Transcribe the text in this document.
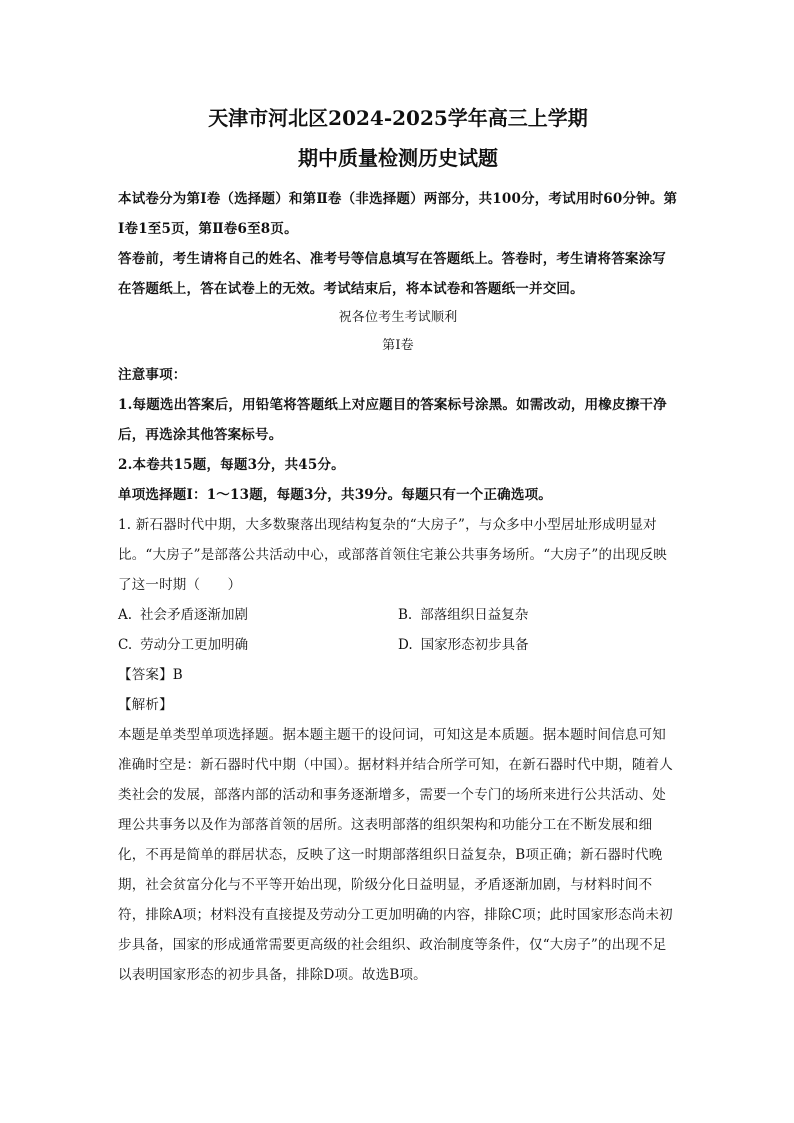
天津市河北区2024-2025学年高三上学期
期中质量检测历史试题

本试卷分为第Ⅰ卷（选择题）和第Ⅱ卷（非选择题）两部分，共100分，考试用时60分钟。第Ⅰ卷1至5页，第Ⅱ卷6至8页。

答卷前，考生请将自己的姓名、准考号等信息填写在答题纸上。答卷时，考生请将答案涂写在答题纸上，答在试卷上的无效。考试结束后，将本试卷和答题纸一并交回。

祝各位考生考试顺利

第Ⅰ卷

注意事项：

1.每题选出答案后，用铅笔将答题纸上对应题目的答案标号涂黑。如需改动，用橡皮擦干净后，再选涂其他答案标号。

2.本卷共15题，每题3分，共45分。

单项选择题Ⅰ：1～13题，每题3分，共39分。每题只有一个正确选项。

1. 新石器时代中期，大多数聚落出现结构复杂的“大房子”，与众多中小型居址形成明显对比。“大房子”是部落公共活动中心，或部落首领住宅兼公共事务场所。“大房子”的出现反映了这一时期（　　）

A. 社会矛盾逐渐加剧	B. 部落组织日益复杂
C. 劳动分工更加明确	D. 国家形态初步具备

【答案】B

【解析】

本题是单类型单项选择题。据本题主题干的设问词，可知这是本质题。据本题时间信息可知准确时空是：新石器时代中期（中国）。据材料并结合所学可知，在新石器时代中期，随着人类社会的发展，部落内部的活动和事务逐渐增多，需要一个专门的场所来进行公共活动、处理公共事务以及作为部落首领的居所。这表明部落的组织架构和功能分工在不断发展和细化，不再是简单的群居状态，反映了这一时期部落组织日益复杂，B项正确；新石器时代晚期，社会贫富分化与不平等开始出现，阶级分化日益明显，矛盾逐渐加剧，与材料时间不符，排除A项；材料没有直接提及劳动分工更加明确的内容，排除C项；此时国家形态尚未初步具备，国家的形成通常需要更高级的社会组织、政治制度等条件，仅“大房子”的出现不足以表明国家形态的初步具备，排除D项。故选B项。
